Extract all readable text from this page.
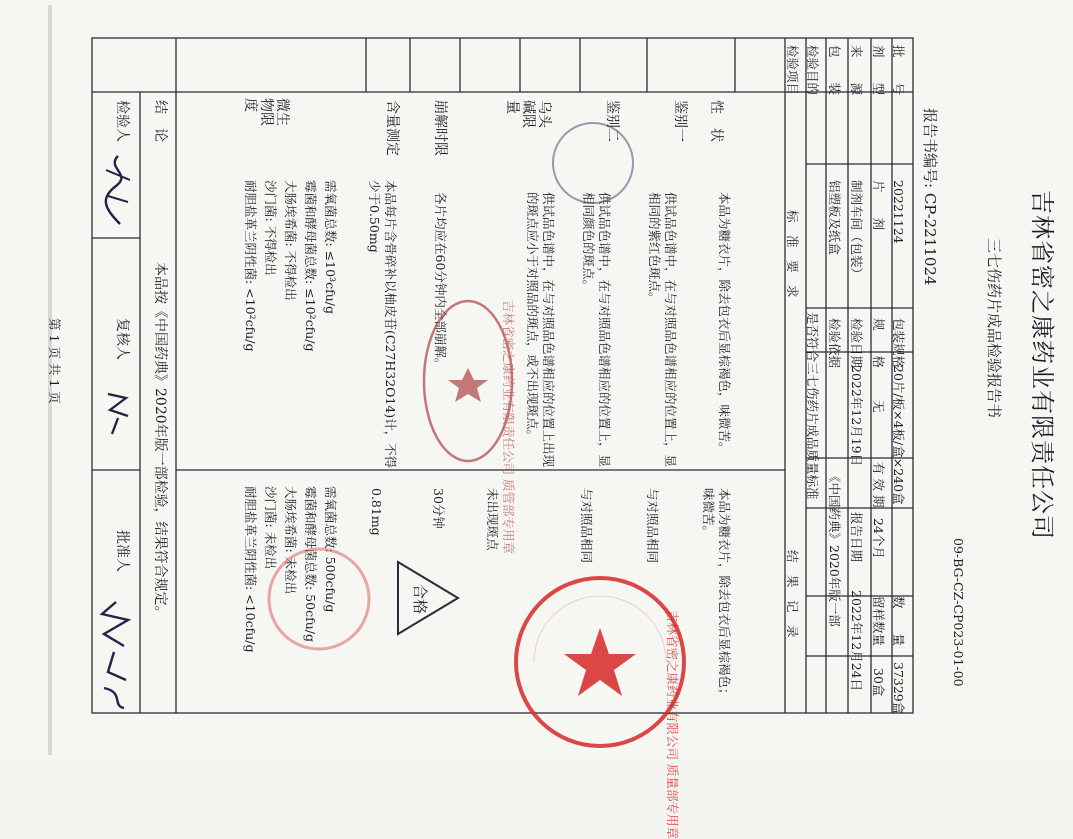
第 1 页 共 1 页	吉林省密之康药业有限责任公司
三七伤药片成品检验报告书
09-BG-CZ-CP023-01-00
报告书编号: CP-2211024
批　　号
20221124
包装规格
20片/板×4板/盒×240盒
数　　量
37329盒
剂　　型
片　　剂
规　　格
无
有 效 期
24个月
留样数量
30盒
来　　源
制剂车间（包装）
检验日期
2022年12月19日
报告日期
2022年12月24日
包　　装
铝塑板及纸盒
检验依据
《中国药典》2020年版一部
检验目的
是否符合三七伤药片成品质量标准
检验项目
标　准　要　求
结　果　记　录
性　状
本品为糖衣片，除去包衣后显棕褐色，味微苦。
本品为糖衣片，除去包衣后显棕褐色；味微苦。
鉴别一
供试品色谱中，在与对照品色谱相应的位置上，显相同的紫红色斑点。
与对照品相同
鉴别二
供试品色谱中，在与对照品色谱相应的位置上，显相同颜色的斑点。
与对照品相同
乌头碱限量
供试品色谱中，在与对照品色谱相应的位置上出现的斑点应小于对照品的斑点，或不出现斑点。
未出现斑点
崩解时限
各片均应在60分钟内全部崩解。
30分钟
含量测定
本品每片含骨碎补以柚皮苷(C27H32O14)计，不得少于0.50mg
0.81mg
微生物限度
需氧菌总数: ≤10³cfu/g
霉菌和酵母菌总数: ≤10²cfu/g
大肠埃希菌: 不得检出
沙门菌: 不得检出
耐胆盐革兰阴性菌: <10²cfu/g
需氧菌总数: 500cfu/g
霉菌和酵母菌总数: 50cfu/g
大肠埃希菌: 未检出
沙门菌: 未检出
耐胆盐革兰阴性菌: <10cfu/g
结　论
本品按《中国药典》2020年版一部检验，结果符合规定。
检验人
复核人
批准人
吉林省密之康药业有限公司 质量部专用章
吉林省密之康药业有限责任公司 质管部专用章
合格
